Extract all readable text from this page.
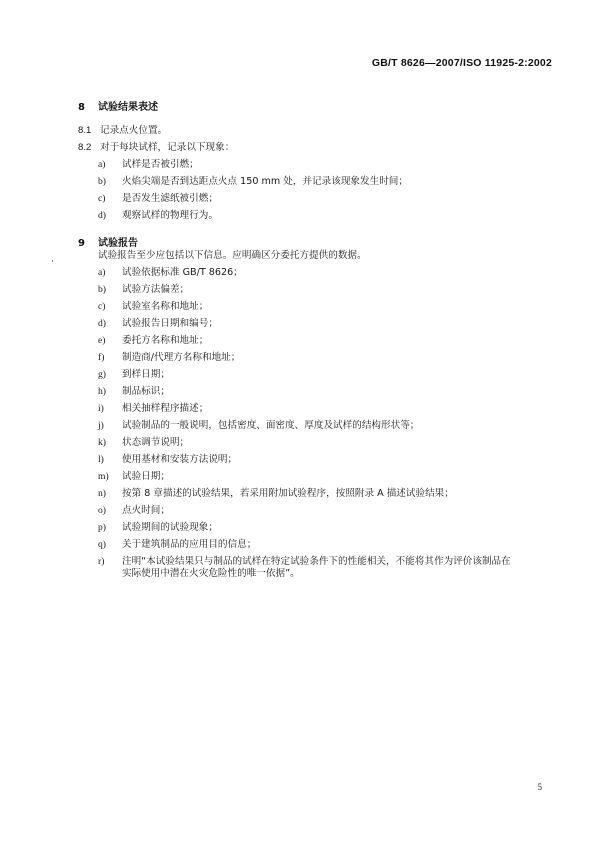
GB/T 8626—2007/ISO 11925-2:2002
8 试验结果表述
8.1 记录点火位置。
8.2 对于每块试样，记录以下现象：
a) 试样是否被引燃；
b) 火焰尖端是否到达距点火点 150 mm 处，并记录该现象发生时间；
c) 是否发生滤纸被引燃；
d) 观察试样的物理行为。
9 试验报告
试验报告至少应包括以下信息。应明确区分委托方提供的数据。
a) 试验依据标准 GB/T 8626；
b) 试验方法偏差；
c) 试验室名称和地址；
d) 试验报告日期和编号；
e) 委托方名称和地址；
f) 制造商/代理方名称和地址；
g) 到样日期；
h) 制品标识；
i) 相关抽样程序描述；
j) 试验制品的一般说明，包括密度、面密度、厚度及试样的结构形状等；
k) 状态调节说明；
l) 使用基材和安装方法说明；
m) 试验日期；
n) 按第 8 章描述的试验结果，若采用附加试验程序，按照附录 A 描述试验结果；
o) 点火时间；
p) 试验期间的试验现象；
q) 关于建筑制品的应用目的信息；
r) 注明“本试验结果只与制品的试样在特定试验条件下的性能相关，不能将其作为评价该制品在
实际使用中潜在火灾危险性的唯一依据”。
5
